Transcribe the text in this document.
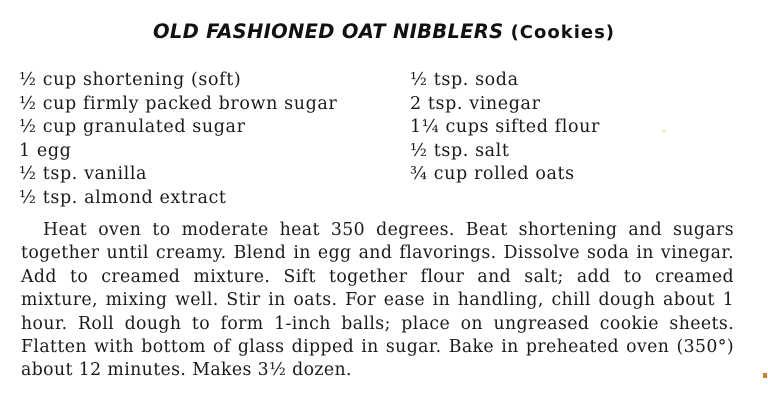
OLD FASHIONED OAT NIBBLERS (Cookies)
½ cup shortening (soft)
½ cup firmly packed brown sugar
½ cup granulated sugar
1 egg
½ tsp. vanilla
½ tsp. almond extract
½ tsp. soda
2 tsp. vinegar
1¼ cups sifted flour
½ tsp. salt
¾ cup rolled oats

Heat oven to moderate heat 350 degrees. Beat shortening and sugars together until creamy. Blend in egg and flavorings. Dissolve soda in vinegar. Add to creamed mixture. Sift together flour and salt; add to creamed mixture, mixing well. Stir in oats. For ease in handling, chill dough about 1 hour. Roll dough to form 1-inch balls; place on ungreased cookie sheets. Flatten with bottom of glass dipped in sugar. Bake in preheated oven (350°) about 12 minutes. Makes 3½ dozen.
